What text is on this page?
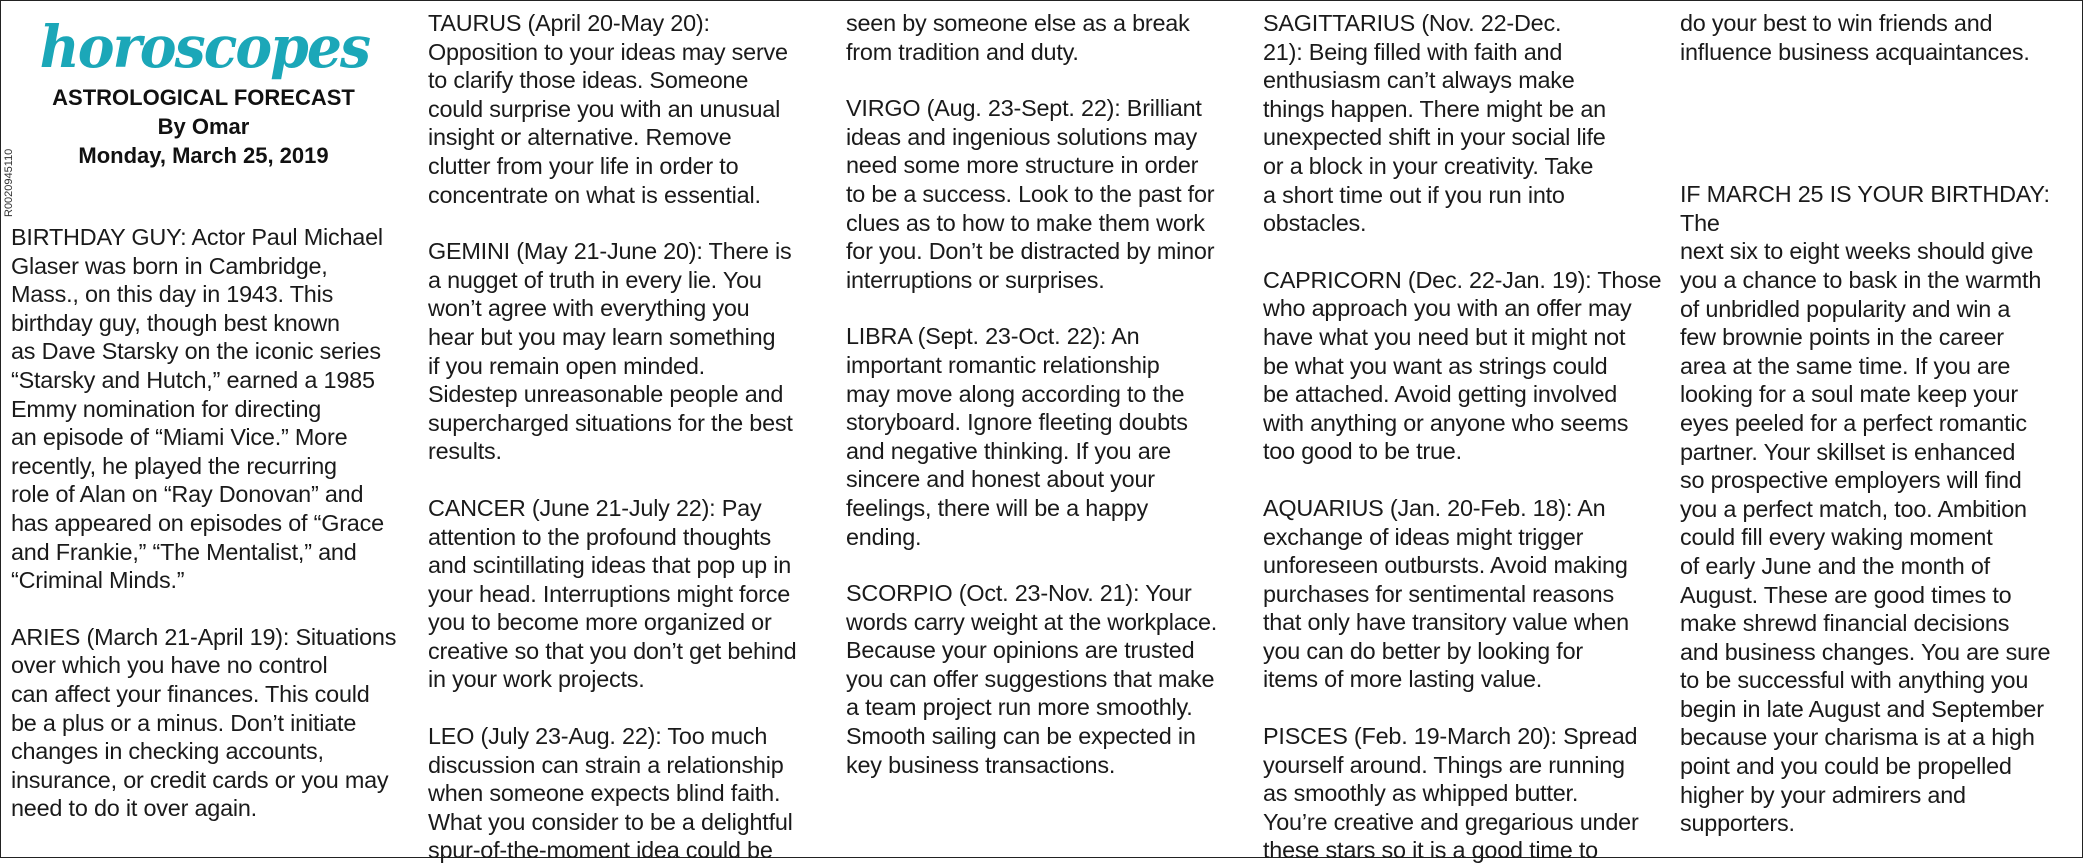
R0020945110
horoscopes
ASTROLOGICAL FORECAST
By Omar
Monday, March 25, 2019

BIRTHDAY GUY: Actor Paul Michael
Glaser was born in Cambridge,
Mass., on this day in 1943. This
birthday guy, though best known
as Dave Starsky on the iconic series
“Starsky and Hutch,” earned a 1985
Emmy nomination for directing
an episode of “Miami Vice.” More
recently, he played the recurring
role of Alan on “Ray Donovan” and
has appeared on episodes of “Grace
and Frankie,” “The Mentalist,” and
“Criminal Minds.”

ARIES (March 21-April 19): Situations
over which you have no control
can affect your finances. This could
be a plus or a minus. Don’t initiate
changes in checking accounts,
insurance, or credit cards or you may
need to do it over again.

TAURUS (April 20-May 20):
Opposition to your ideas may serve
to clarify those ideas. Someone
could surprise you with an unusual
insight or alternative. Remove
clutter from your life in order to
concentrate on what is essential.

GEMINI (May 21-June 20): There is
a nugget of truth in every lie. You
won’t agree with everything you
hear but you may learn something
if you remain open minded.
Sidestep unreasonable people and
supercharged situations for the best
results.

CANCER (June 21-July 22): Pay
attention to the profound thoughts
and scintillating ideas that pop up in
your head. Interruptions might force
you to become more organized or
creative so that you don’t get behind
in your work projects.

LEO (July 23-Aug. 22): Too much
discussion can strain a relationship
when someone expects blind faith.
What you consider to be a delightful
spur-of-the-moment idea could be

seen by someone else as a break
from tradition and duty.

VIRGO (Aug. 23-Sept. 22): Brilliant
ideas and ingenious solutions may
need some more structure in order
to be a success. Look to the past for
clues as to how to make them work
for you. Don’t be distracted by minor
interruptions or surprises.

LIBRA (Sept. 23-Oct. 22): An
important romantic relationship
may move along according to the
storyboard. Ignore fleeting doubts
and negative thinking. If you are
sincere and honest about your
feelings, there will be a happy
ending.

SCORPIO (Oct. 23-Nov. 21): Your
words carry weight at the workplace.
Because your opinions are trusted
you can offer suggestions that make
a team project run more smoothly.
Smooth sailing can be expected in
key business transactions.

SAGITTARIUS (Nov. 22-Dec.
21): Being filled with faith and
enthusiasm can’t always make
things happen. There might be an
unexpected shift in your social life
or a block in your creativity. Take
a short time out if you run into
obstacles.

CAPRICORN (Dec. 22-Jan. 19): Those
who approach you with an offer may
have what you need but it might not
be what you want as strings could
be attached. Avoid getting involved
with anything or anyone who seems
too good to be true.

AQUARIUS (Jan. 20-Feb. 18): An
exchange of ideas might trigger
unforeseen outbursts. Avoid making
purchases for sentimental reasons
that only have transitory value when
you can do better by looking for
items of more lasting value.

PISCES (Feb. 19-March 20): Spread
yourself around. Things are running
as smoothly as whipped butter.
You’re creative and gregarious under
these stars so it is a good time to

do your best to win friends and
influence business acquaintances.

IF MARCH 25 IS YOUR BIRTHDAY: The
next six to eight weeks should give
you a chance to bask in the warmth
of unbridled popularity and win a
few brownie points in the career
area at the same time. If you are
looking for a soul mate keep your
eyes peeled for a perfect romantic
partner. Your skillset is enhanced
so prospective employers will find
you a perfect match, too. Ambition
could fill every waking moment
of early June and the month of
August. These are good times to
make shrewd financial decisions
and business changes. You are sure
to be successful with anything you
begin in late August and September
because your charisma is at a high
point and you could be propelled
higher by your admirers and
supporters.
